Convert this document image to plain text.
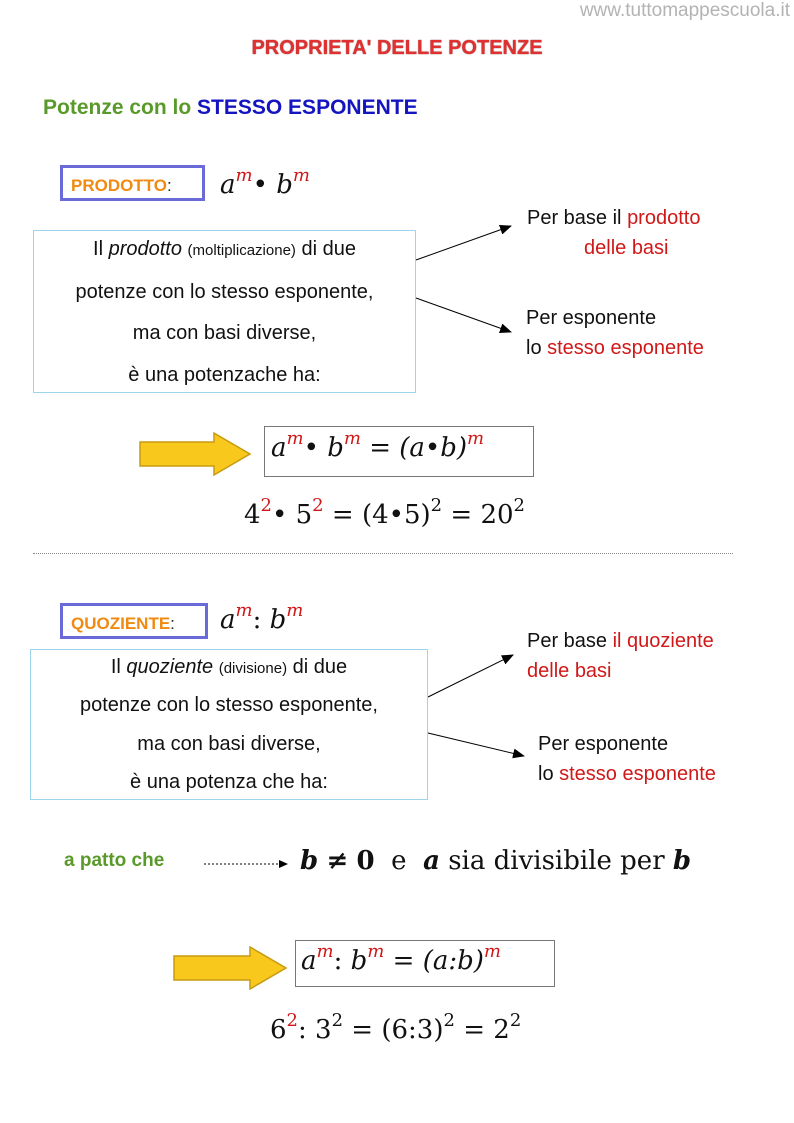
www.tuttomappescuola.it
PROPRIETA' DELLE POTENZE
Potenze con lo STESSO ESPONENTE
PRODOTTO:	$a^m•$ $b^m$
Il prodotto (moltiplicazione) di due
potenze con lo stesso esponente,
ma con basi diverse,
è una potenzache ha:
Per base il prodotto
delle basi
Per esponente
lo stesso esponente
$a^m•$ $b^m$ = (a•b)$^m$
$4^2•$ $5^2$ = (4•5)$^2$ = $20^2$
QUOZIENTE:	$a^m$: $b^m$
Il quoziente (divisione) di due
potenze con lo stesso esponente,
ma con basi diverse,
è una potenza che ha:
Per base il quoziente
delle basi
Per esponente
lo stesso esponente
a patto che	b ≠ 0 e a sia divisibile per b
$a^m$: $b^m$ = (a:b)$^m$
$6^2$: $3^2$ = (6:3)$^2$ = $2^2$
